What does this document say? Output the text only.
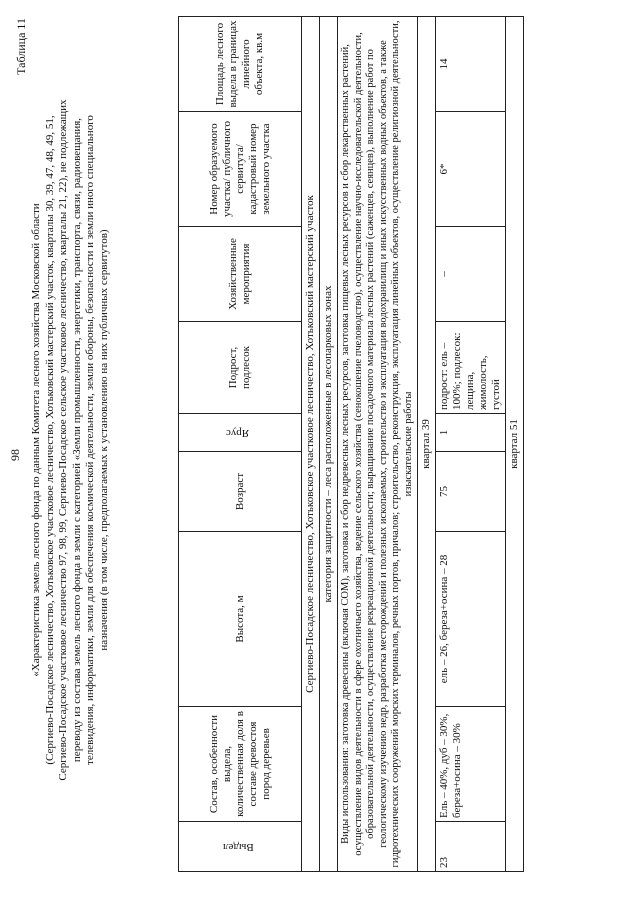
98
Таблица 11

«Характеристика земель лесного фонда по данным Комитета лесного хозяйства Московской области (Сергиево-Посадское лесничество, Хотьковское участковое лесничество, Хотьковский мастерский участок, кварталы 30, 39, 47, 48, 49, 51, Сергиево-Посадское участковое лесничество 97, 98, 99, Сергиево-Посадское сельское участковое лесничество, кварталы 21, 22), не подлежащих переводу из состава земель лесного фонда в земли с категорией «Земли промышленности, энергетики, транспорта, связи, радиовещания, телевидения, информатики, земли для обеспечения космической деятельности, земли обороны, безопасности и земли иного специального назначения (в том числе, предполагаемых к установлению на них публичных сервитутов)

Выдел	Состав, особенности выдела, количественная доля в составе древостоя пород деревьев	Высота, м	Возраст	Ярус	Подрост, подлесок	Хозяйственные мероприятия	Номер образуемого участка/ публичного сервитута/ кадастровый номер земельного участка	Площадь лесного выдела в границах линейного объекта, кв.м
Сергиево-Посадское лесничество, Хотьковское участковое лесничество, Хотьковский мастерский участок								
категория защитности – леса расположенные в лесопарковых зонах								
Виды использования: заготовка древесины (включая СОМ), заготовка и сбор недревесных лесных ресурсов, заготовка пищевых лесных ресурсов и сбор лекарственных растений, осуществление видов деятельности в сфере охотничьего хозяйства, ведение сельского хозяйства (сенокошение пчеловодство), осуществление научно-исследовательской деятельности, образовательной деятельности, осуществление рекреационной деятельности; выращивание посадочного материала лесных растений (саженцев, сеянцев), выполнение работ по геологическому изучению недр, разработка месторождений и полезных ископаемых, строительство и эксплуатация водохранилищ и иных искусственных водных объектов, а также гидротехнических сооружений морских терминалов, речных портов, причалов; строительство, реконструкция, эксплуатация линейных объектов, осуществление религиозной деятельности, изыскательские работы								
квартал 39								
23	Ель – 40%, дуб – 30%, береза+осина – 30%	ель – 26, береза+осина – 28	75	1	подрост: ель – 100%; подлесок: лещина, жимолость, густой	–	6*	14
квартал 51								
